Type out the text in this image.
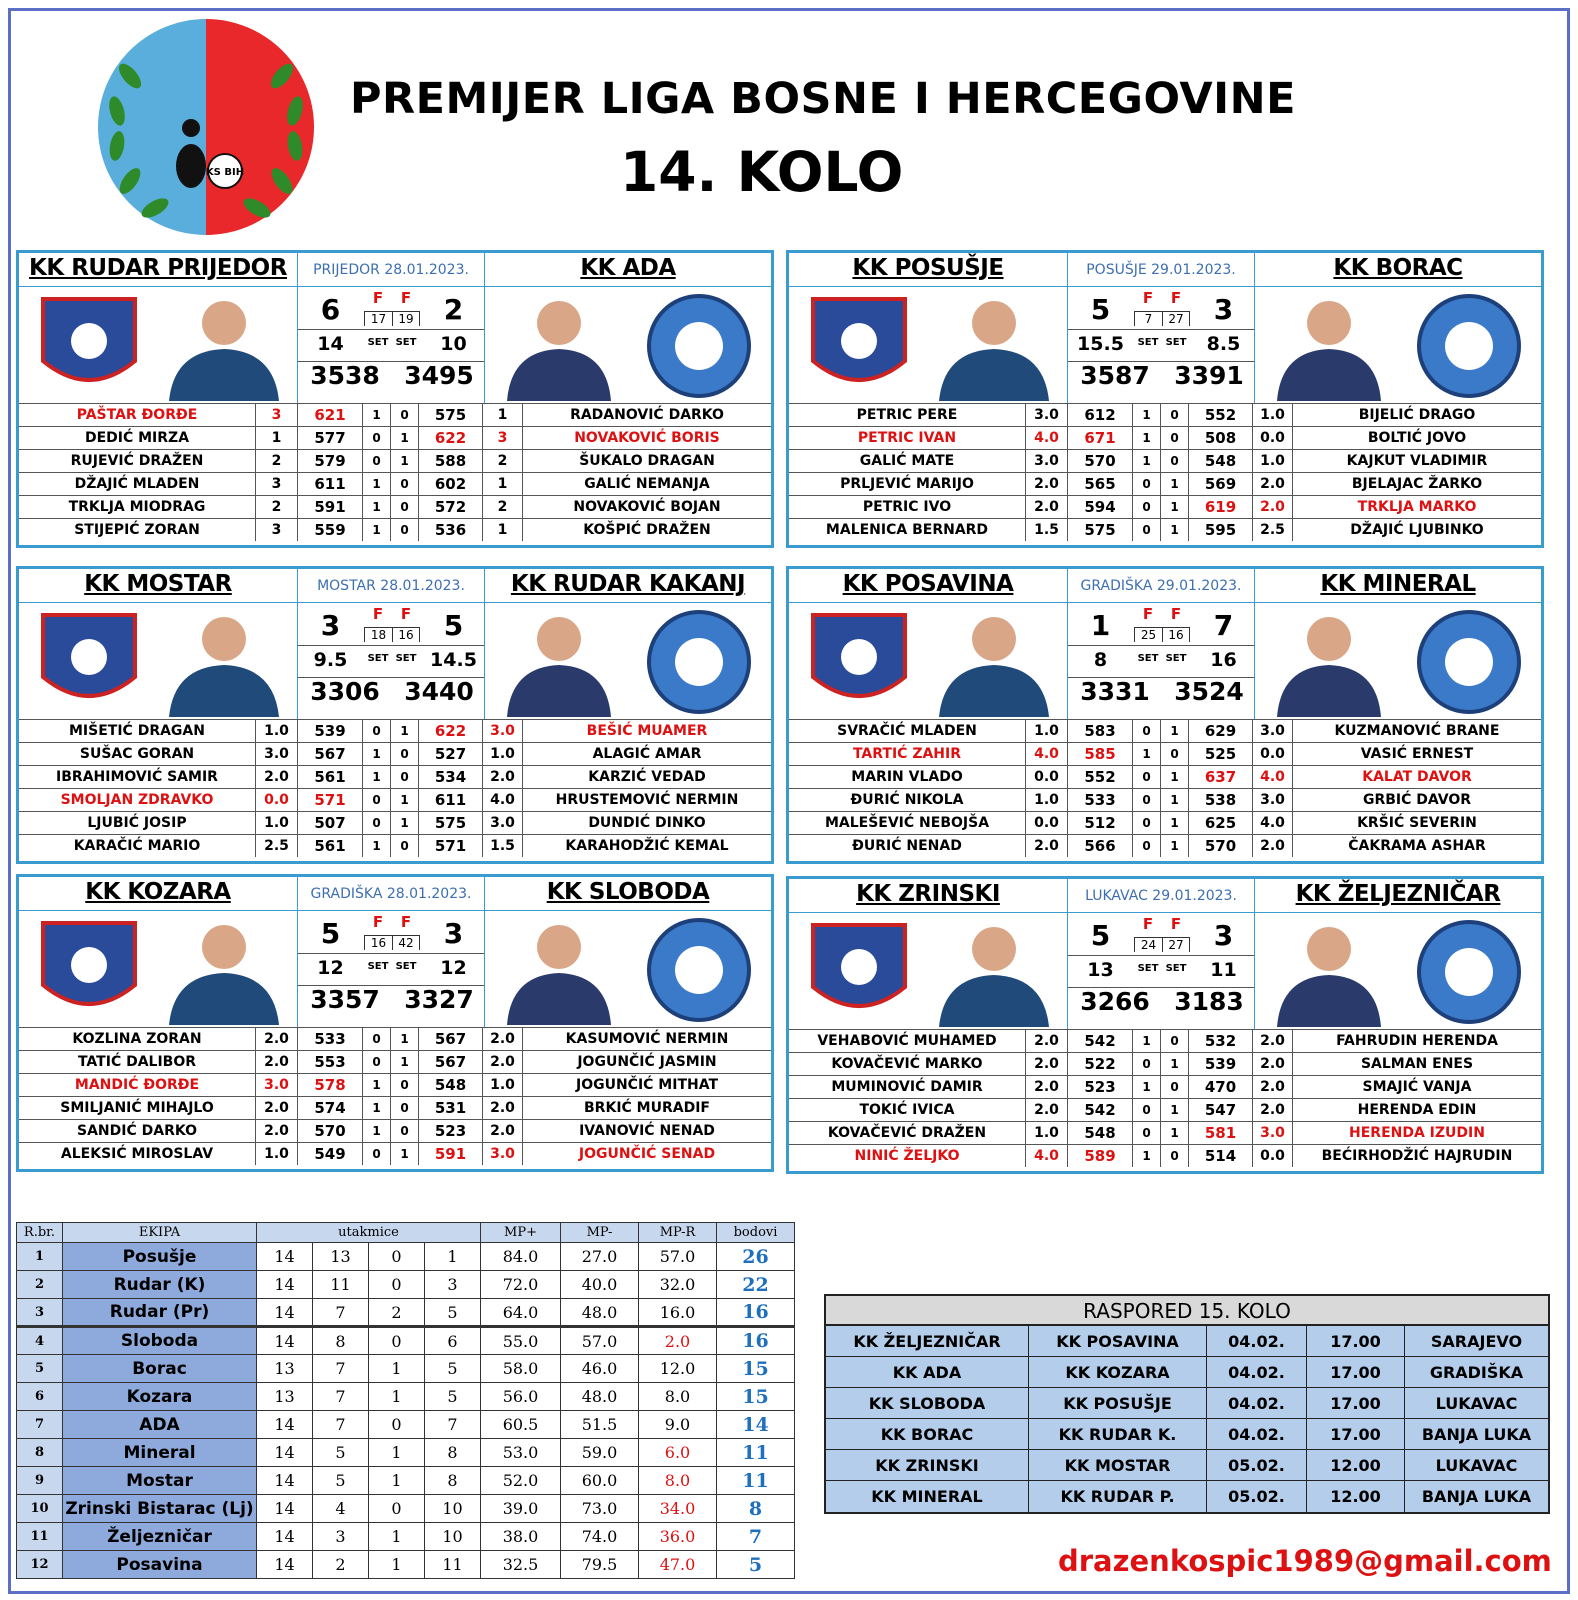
KS BIH
PREMIJER LIGA BOSNE I HERCEGOVINE
14. KOLO
KK RUDAR PRIJEDOR	PRIJEDOR 28.01.2023.	KK ADA
6	2
F	F
17	19
14	SET SET	10
3538 3495
PAŠTAR ĐORĐE	3	621	1	0	575	1	RADANOVIĆ DARKO
DEDIĆ MIRZA	1	577	0	1	622	3	NOVAKOVIĆ BORIS
RUJEVIĆ DRAŽEN	2	579	0	1	588	2	ŠUKALO DRAGAN
DŽAJIĆ MLADEN	3	611	1	0	602	1	GALIĆ NEMANJA
TRKLJA MIODRAG	2	591	1	0	572	2	NOVAKOVIĆ BOJAN
STIJEPIĆ ZORAN	3	559	1	0	536	1	KOŠPIĆ DRAŽEN
KK POSUŠJE	POSUŠJE 29.01.2023.	KK BORAC
5	3
F	F
7	27
15.5	SET SET	8.5
3587 3391
PETRIC PERE	3.0	612	1	0	552	1.0	BIJELIĆ DRAGO
PETRIC IVAN	4.0	671	1	0	508	0.0	BOLTIĆ JOVO
GALIĆ MATE	3.0	570	1	0	548	1.0	KAJKUT VLADIMIR
PRLJEVIĆ MARIJO	2.0	565	0	1	569	2.0	BJELAJAC ŽARKO
PETRIC IVO	2.0	594	0	1	619	2.0	TRKLJA MARKO
MALENICA BERNARD	1.5	575	0	1	595	2.5	DŽAJIĆ LJUBINKO
KK MOSTAR	MOSTAR 28.01.2023.	KK RUDAR KAKANJ
3	5
F	F
18	16
9.5	SET SET 14.5
3306 3440
MIŠETIĆ DRAGAN	1.0	539	0	1	622	3.0	BEŠIĆ MUAMER
SUŠAC GORAN	3.0	567	1	0	527	1.0	ALAGIĆ AMAR
IBRAHIMOVIĆ SAMIR	2.0	561	1	0	534	2.0	KARZIĆ VEDAD
SMOLJAN ZDRAVKO	0.0	571	0	1	611	4.0	HRUSTEMOVIĆ NERMIN
LJUBIĆ JOSIP	1.0	507	0	1	575	3.0	DUNDIĆ DINKO
KARAČIĆ MARIO	2.5	561	1	0	571	1.5	KARAHODŽIĆ KEMAL
KK POSAVINA	GRADIŠKA 29.01.2023.	KK MINERAL
1	7
F	F
25	16
8	SET SET	16
3331 3524
SVRAČIĆ MLADEN	1.0	583	0	1	629	3.0	KUZMANOVIĆ BRANE
TARTIĆ ZAHIR	4.0	585	1	0	525	0.0	VASIĆ ERNEST
MARIN VLADO	0.0	552	0	1	637	4.0	KALAT DAVOR
ĐURIĆ NIKOLA	1.0	533	0	1	538	3.0	GRBIĆ DAVOR
MALEŠEVIĆ NEBOJŠA	0.0	512	0	1	625	4.0	KRŠIĆ SEVERIN
ĐURIĆ NENAD	2.0	566	0	1	570	2.0	ČAKRAMA ASHAR
KK KOZARA	GRADIŠKA 28.01.2023.	KK SLOBODA
5	3
F	F
16	42
12	SET SET	12
3357 3327
KOZLINA ZORAN	2.0	533	0	1	567	2.0	KASUMOVIĆ NERMIN
TATIĆ DALIBOR	2.0	553	0	1	567	2.0	JOGUNČIĆ JASMIN
MANDIĆ ĐORĐE	3.0	578	1	0	548	1.0	JOGUNČIĆ MITHAT
SMILJANIĆ MIHAJLO	2.0	574	1	0	531	2.0	BRKIĆ MURADIF
SANDIĆ DARKO	2.0	570	1	0	523	2.0	IVANOVIĆ NENAD
ALEKSIĆ MIROSLAV	1.0	549	0	1	591	3.0	JOGUNČIĆ SENAD
KK ZRINSKI	LUKAVAC 29.01.2023.	KK ŽELJEZNIČAR
5	3
F	F
24	27
13	SET SET	11
3266 3183
VEHABOVIĆ MUHAMED	2.0	542	1	0	532	2.0	FAHRUDIN HERENDA
KOVAČEVIĆ MARKO	2.0	522	0	1	539	2.0	SALMAN ENES
MUMINOVIĆ DAMIR	2.0	523	1	0	470	2.0	SMAJIĆ VANJA
TOKIĆ IVICA	2.0	542	0	1	547	2.0	HERENDA EDIN
KOVAČEVIĆ DRAŽEN	1.0	548	0	1	581	3.0	HERENDA IZUDIN
NINIĆ ŽELJKO	4.0	589	1	0	514	0.0	BEĆIRHODŽIĆ HAJRUDIN
R.br.	EKIPA	utakmice				MP+	MP-	MP-R	bodovi
1	Posušje	14	13	0	1	84.0	27.0	57.0	26
2	Rudar (K)	14	11	0	3	72.0	40.0	32.0	22
3	Rudar (Pr)	14	7	2	5	64.0	48.0	16.0	16
4	Sloboda	14	8	0	6	55.0	57.0	2.0	16
5	Borac	13	7	1	5	58.0	46.0	12.0	15
6	Kozara	13	7	1	5	56.0	48.0	8.0	15
7	ADA	14	7	0	7	60.5	51.5	9.0	14
8	Mineral	14	5	1	8	53.0	59.0	6.0	11
9	Mostar	14	5	1	8	52.0	60.0	8.0	11
10	Zrinski Bistarac (Lj)	14	4	0	10	39.0	73.0	34.0	8
11	Željezničar	14	3	1	10	38.0	74.0	36.0	7
12	Posavina	14	2	1	11	32.5	79.5	47.0	5
RASPORED 15. KOLO
KK ŽELJEZNIČAR	KK POSAVINA	04.02.	17.00	SARAJEVO
KK ADA	KK KOZARA	04.02.	17.00	GRADIŠKA
KK SLOBODA	KK POSUŠJE	04.02.	17.00	LUKAVAC
KK BORAC	KK RUDAR K.	04.02.	17.00	BANJA LUKA
KK ZRINSKI	KK MOSTAR	05.02.	12.00	LUKAVAC
KK MINERAL	KK RUDAR P.	05.02.	12.00	BANJA LUKA
drazenkospic1989@gmail.com
